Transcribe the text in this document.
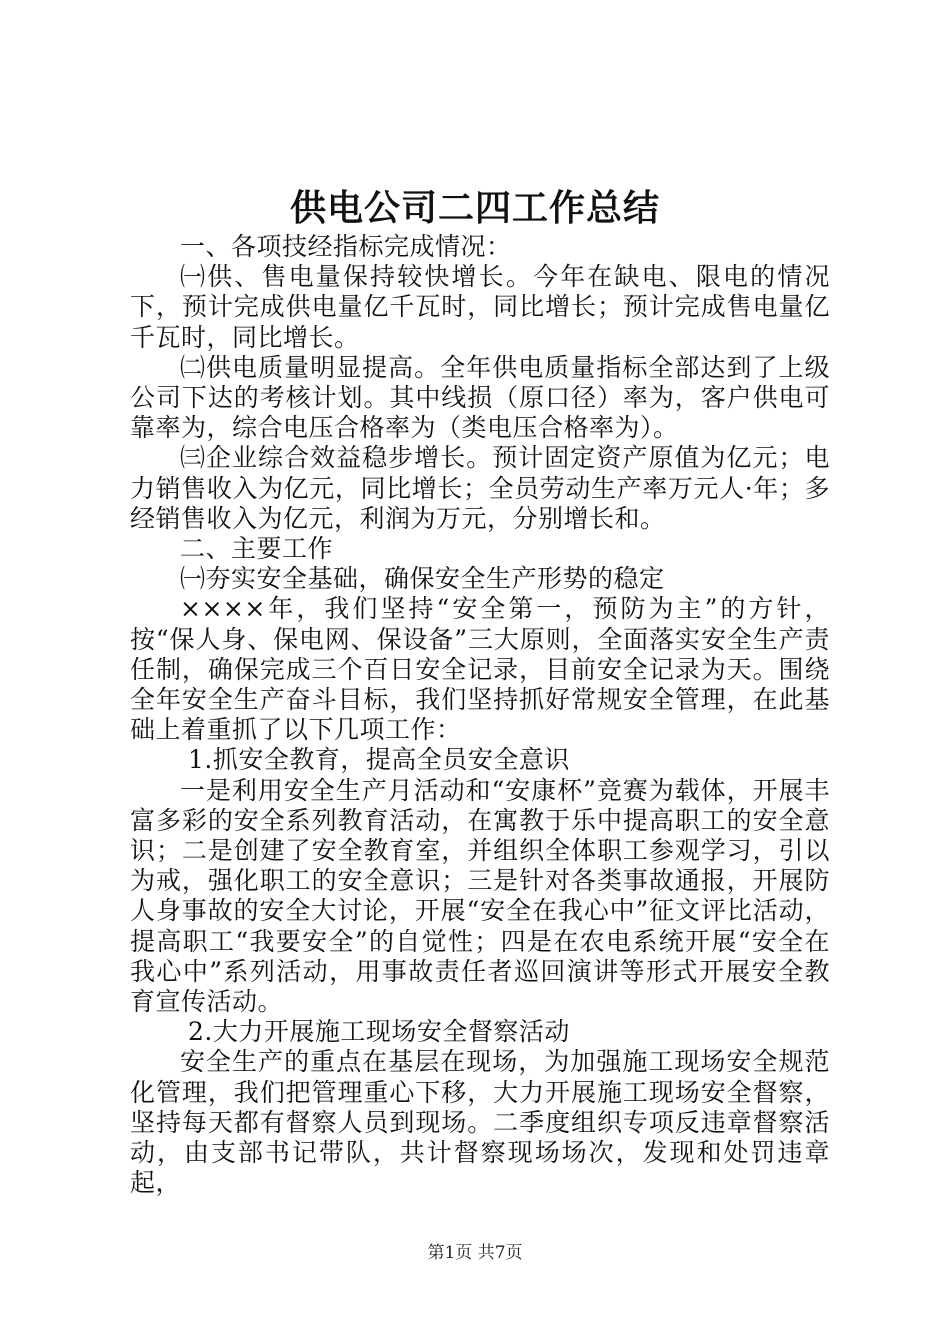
供电公司二四工作总结

一、各项技经指标完成情况：

㈠供、售电量保持较快增长。今年在缺电、限电的情况下，预计完成供电量亿千瓦时，同比增长；预计完成售电量亿千瓦时，同比增长。

㈡供电质量明显提高。全年供电质量指标全部达到了上级公司下达的考核计划。其中线损（原口径）率为，客户供电可靠率为，综合电压合格率为（类电压合格率为）。

㈢企业综合效益稳步增长。预计固定资产原值为亿元；电力销售收入为亿元，同比增长；全员劳动生产率万元人·年；多经销售收入为亿元，利润为万元，分别增长和。

二、主要工作

㈠夯实安全基础，确保安全生产形势的稳定

××××年，我们坚持“安全第一，预防为主”的方针，按“保人身、保电网、保设备”三大原则，全面落实安全生产责任制，确保完成三个百日安全记录，目前安全记录为天。围绕全年安全生产奋斗目标，我们坚持抓好常规安全管理，在此基础上着重抓了以下几项工作：

1.抓安全教育，提高全员安全意识

一是利用安全生产月活动和“安康杯”竞赛为载体，开展丰富多彩的安全系列教育活动，在寓教于乐中提高职工的安全意识；二是创建了安全教育室，并组织全体职工参观学习，引以为戒，强化职工的安全意识；三是针对各类事故通报，开展防人身事故的安全大讨论，开展“安全在我心中”征文评比活动，提高职工“我要安全”的自觉性；四是在农电系统开展“安全在我心中”系列活动，用事故责任者巡回演讲等形式开展安全教育宣传活动。

2.大力开展施工现场安全督察活动

安全生产的重点在基层在现场，为加强施工现场安全规范化管理，我们把管理重心下移，大力开展施工现场安全督察，坚持每天都有督察人员到现场。二季度组织专项反违章督察活动，由支部书记带队，共计督察现场场次，发现和处罚违章起，

第1页 共7页
